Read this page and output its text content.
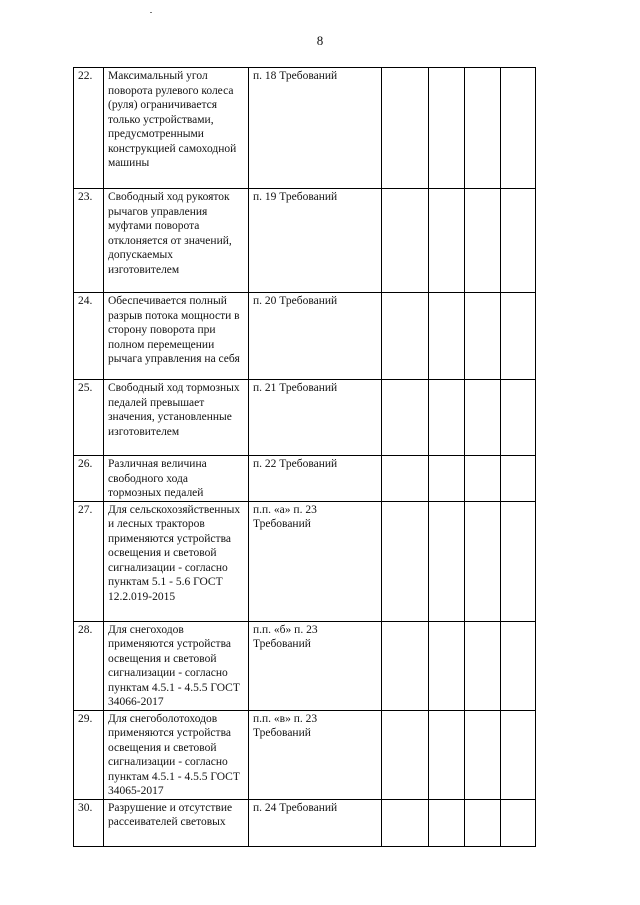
8
22.	Максимальный угол поворота рулевого колеса (руля) ограничивается только устройствами, предусмотренными конструкцией самоходной машины	п. 18 Требований				
23.	Свободный ход рукояток рычагов управления муфтами поворота отклоняется от значений, допускаемых изготовителем	п. 19 Требований				
24.	Обеспечивается полный разрыв потока мощности в сторону поворота при полном перемещении рычага управления на себя	п. 20 Требований				
25.	Свободный ход тормозных педалей превышает значения, установленные изготовителем	п. 21 Требований				
26.	Различная величина свободного хода тормозных педалей	п. 22 Требований				
27.	Для сельскохозяйственных и лесных тракторов применяются устройства освещения и световой сигнализации - согласно пунктам 5.1 - 5.6 ГОСТ 12.2.019-2015	п.п. «а» п. 23 Требований				
28.	Для снегоходов применяются устройства освещения и световой сигнализации - согласно пунктам 4.5.1 - 4.5.5 ГОСТ 34066-2017	п.п. «б» п. 23 Требований				
29.	Для снегоболотоходов применяются устройства освещения и световой сигнализации - согласно пунктам 4.5.1 - 4.5.5 ГОСТ 34065-2017	п.п. «в» п. 23 Требований				
30.	Разрушение и отсутствие рассеивателей световых	п. 24 Требований				
